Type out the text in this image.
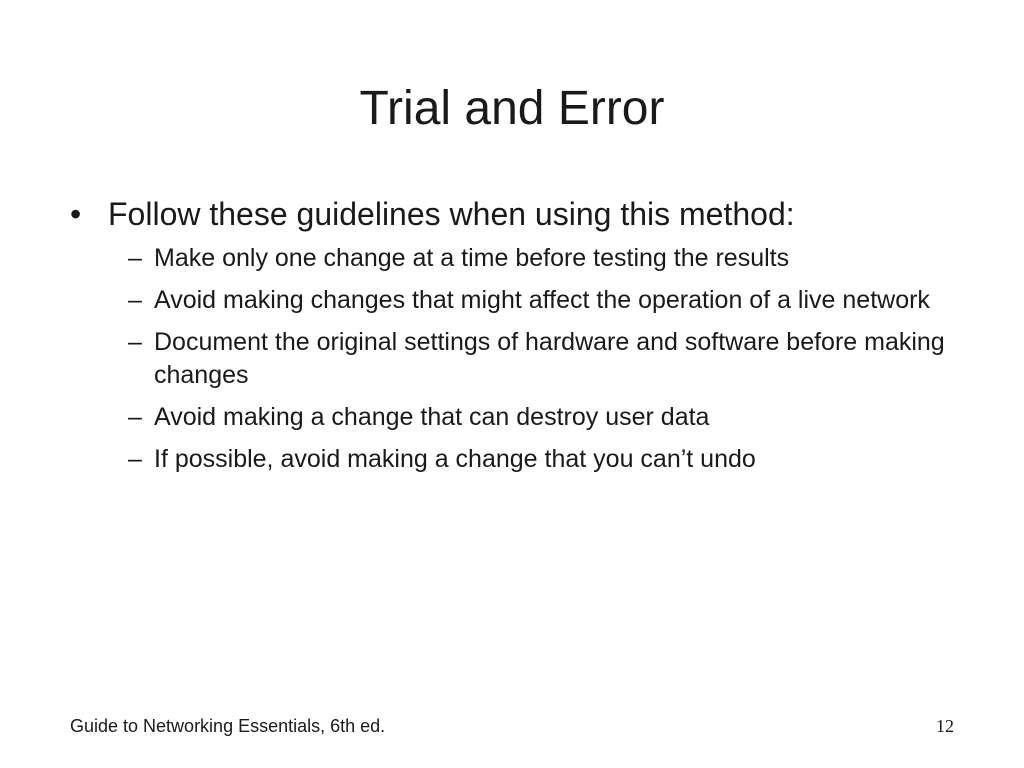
Trial and Error
• Follow these guidelines when using this method:
– Make only one change at a time before testing the results
– Avoid making changes that might affect the operation of a live network
– Document the original settings of hardware and software before making changes
– Avoid making a change that can destroy user data
– If possible, avoid making a change that you can’t undo
Guide to Networking Essentials, 6th ed.	12
